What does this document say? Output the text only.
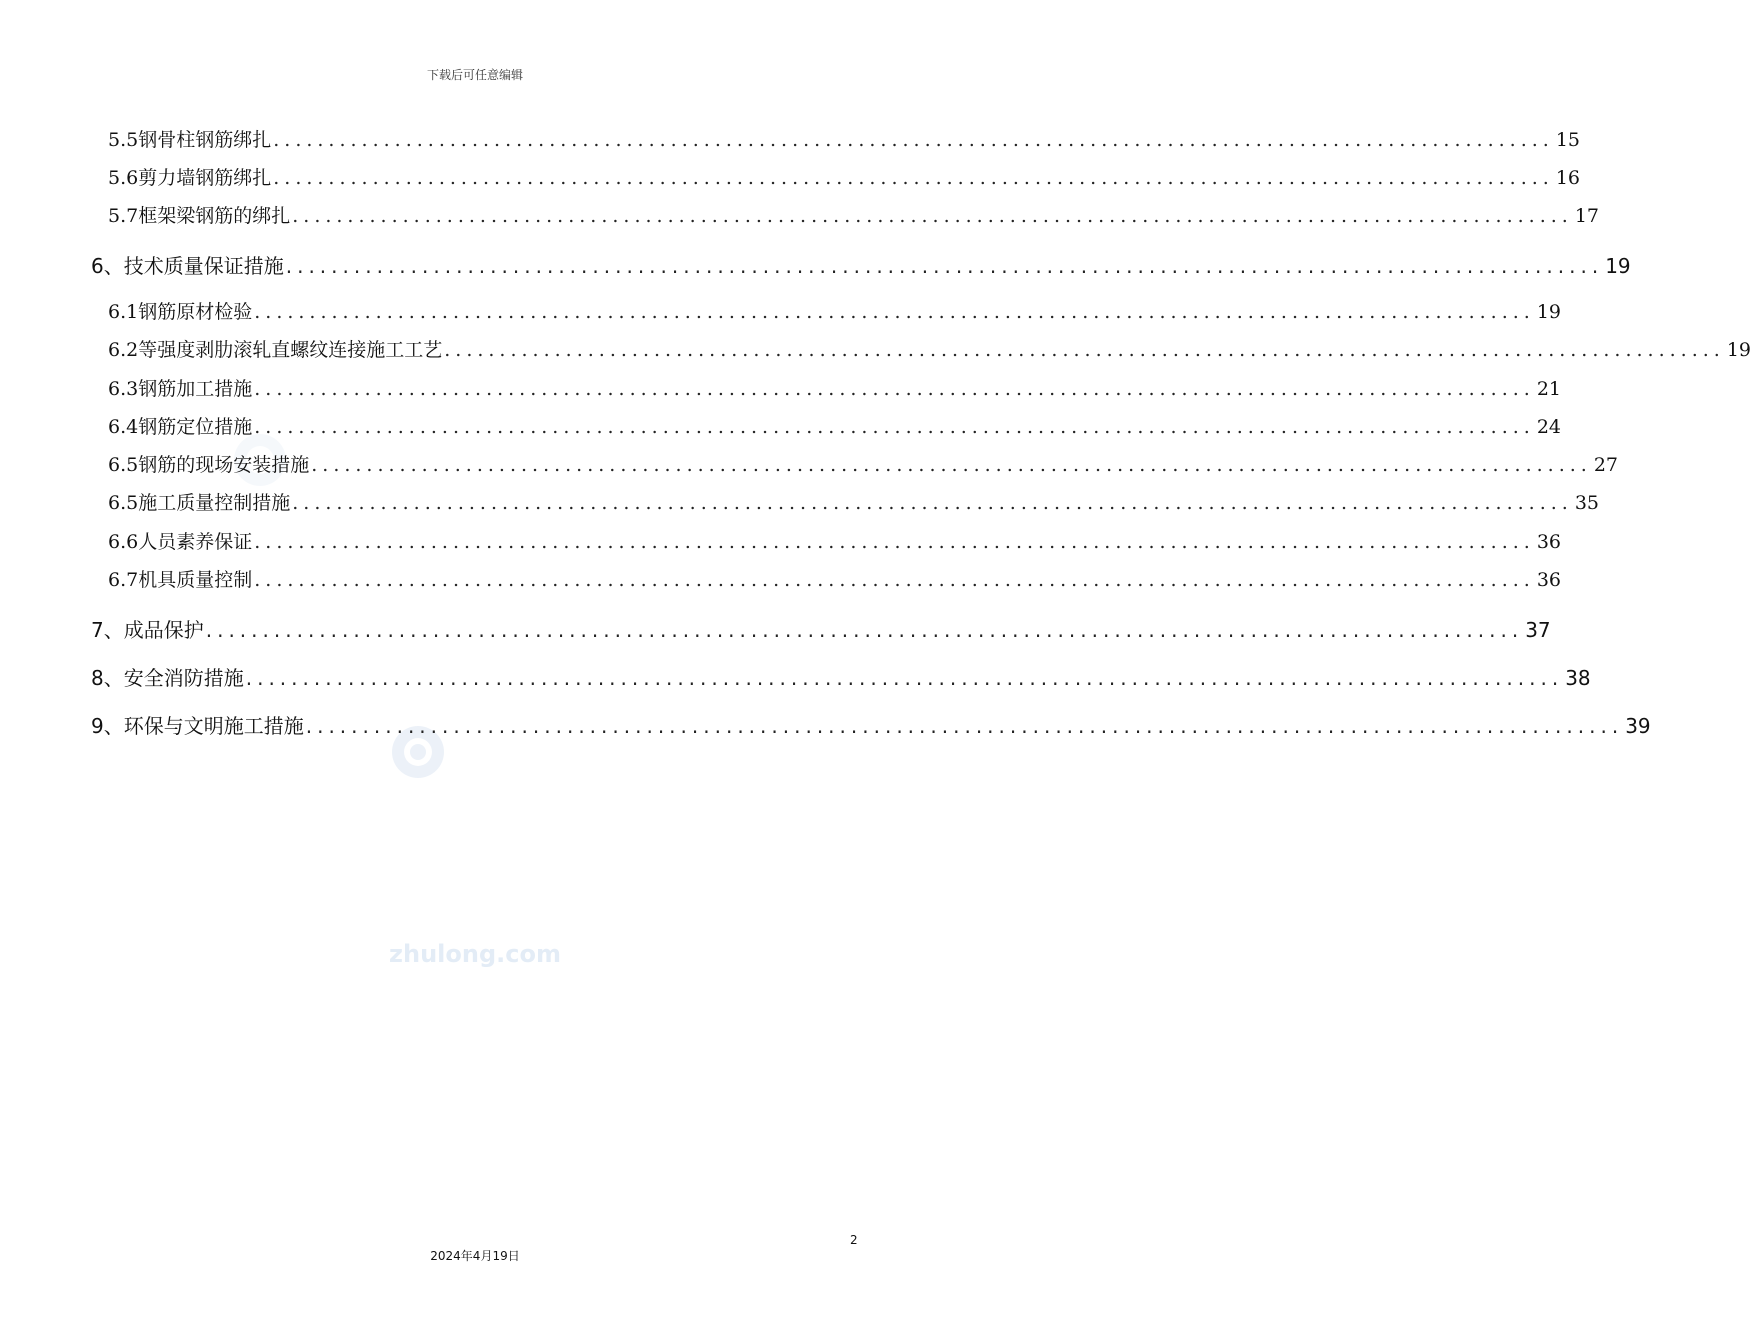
下载后可任意编辑
zhulong.com
5.5 钢骨柱钢筋绑扎 .................................................................................................................... 15
5.6 剪力墙钢筋绑扎 .................................................................................................................... 16
5.7 框架梁钢筋的绑扎 .................................................................................................................... 17
6、 技术质量保证措施 .................................................................................................................... 19
6.1 钢筋原材检验 .................................................................................................................... 19
6.2 等强度剥肋滚轧直螺纹连接施工工艺 .................................................................................................................... 19
6.3 钢筋加工措施 .................................................................................................................... 21
6.4 钢筋定位措施 .................................................................................................................... 24
6.5 钢筋的现场安装措施 .................................................................................................................... 27
6.5 施工质量控制措施 .................................................................................................................... 35
6.6 人员素养保证 .................................................................................................................... 36
6.7 机具质量控制 .................................................................................................................... 36
7、 成品保护 .................................................................................................................... 37
8、 安全消防措施 .................................................................................................................... 38
9、 环保与文明施工措施 .................................................................................................................... 39
2
2024年4月19日
